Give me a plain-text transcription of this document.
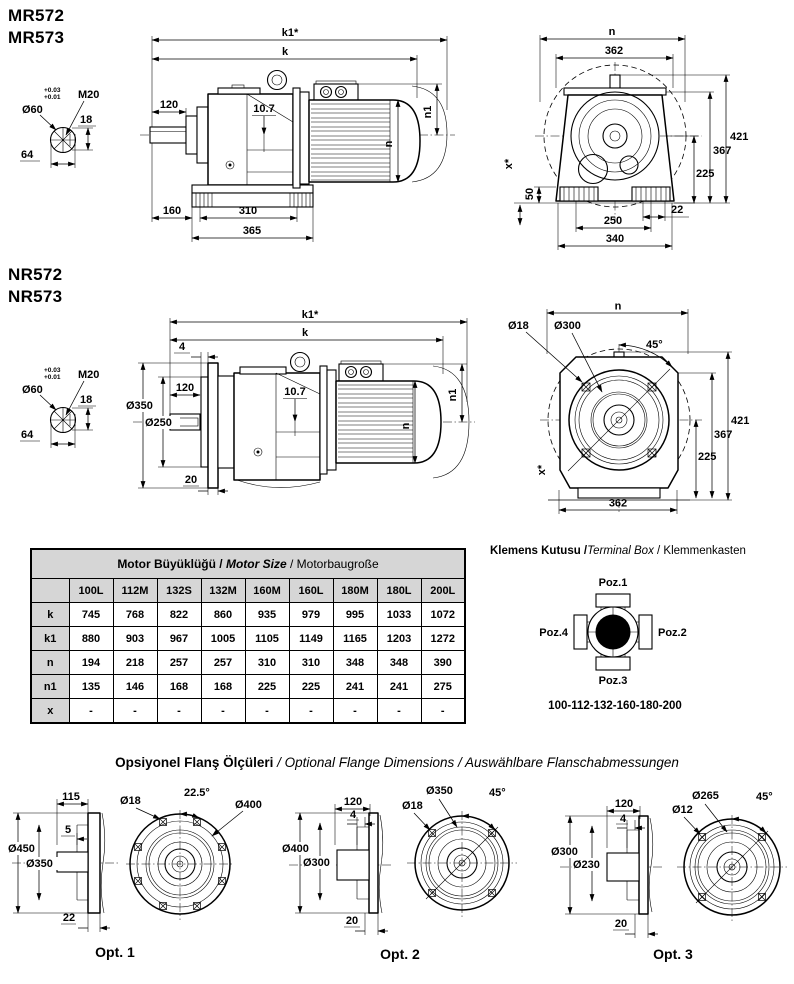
MR572
MR573
+0.03
+0.01
Ø60
M20
18
64
k1*
k
120	10.7
n
n1
160	310
365
n
362
421
367
225
50
x*
22
250
340
NR572
NR573
+0.03
+0.01
Ø60
M20
18
64
k1*
k
4
Ø350
Ø250
120	10.7
n
n1
20
n
Ø18 Ø300
45°
421
367
225
x*
362
Motor Büyüklüğü / Motor Size / Motorbaugroße									
	100L	112M	132S	132M	160M	160L	180M	180L	200L
k	745	768	822	860	935	979	995	1033	1072
k1	880	903	967	1005	1105	1149	1165	1203	1272
n	194	218	257	257	310	310	348	348	390
n1	135	146	168	168	225	225	241	241	275
x	-	-	-	-	-	-	-	-	-
Klemens Kutusu /Terminal Box / Klemmenkasten
Poz.1
Poz.2
Poz.3
Poz.4
100-112-132-160-180-200
Opsiyonel Flanş Ölçüleri / Optional Flange Dimensions / Auswählbare Flanschabmessungen
115
Ø450
Ø350
5
22
Ø18
22.5°
Ø400
Opt. 1
120
4
Ø400
Ø300
20
Ø350
Ø18
45°
Opt. 2
120
4
Ø300
Ø230
20
Ø265
Ø12
45°
Opt. 3
